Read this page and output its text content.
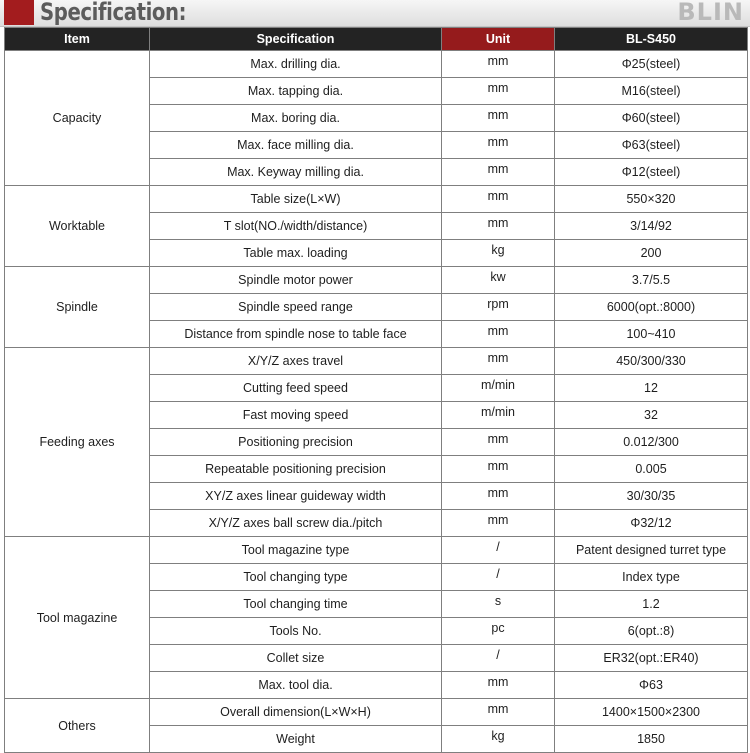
Specification:	BLIN
Item	Specification	Unit	BL-S450
Capacity	Max. drilling dia.	mm	Φ25(steel)
	Max. tapping dia.	mm	M16(steel)
	Max. boring dia.	mm	Φ60(steel)
	Max. face milling dia.	mm	Φ63(steel)
	Max. Keyway milling dia.	mm	Φ12(steel)
Worktable	Table size(L×W)	mm	550×320
	T slot(NO./width/distance)	mm	3/14/92
	Table max. loading	kg	200
Spindle	Spindle motor power	kw	3.7/5.5
	Spindle speed range	rpm	6000(opt.:8000)
	Distance from spindle nose to table face	mm	100~410
Feeding axes	X/Y/Z axes travel	mm	450/300/330
	Cutting feed speed	m/min	12
	Fast moving speed	m/min	32
	Positioning precision	mm	0.012/300
	Repeatable positioning precision	mm	0.005
	XY/Z axes linear guideway width	mm	30/30/35
	X/Y/Z axes ball screw dia./pitch	mm	Φ32/12
Tool magazine	Tool magazine type	/	Patent designed turret type
	Tool changing type	/	Index type
	Tool changing time	s	1.2
	Tools No.	pc	6(opt.:8)
	Collet size	/	ER32(opt.:ER40)
	Max. tool dia.	mm	Φ63
Others	Overall dimension(L×W×H)	mm	1400×1500×2300
	Weight	kg	1850
